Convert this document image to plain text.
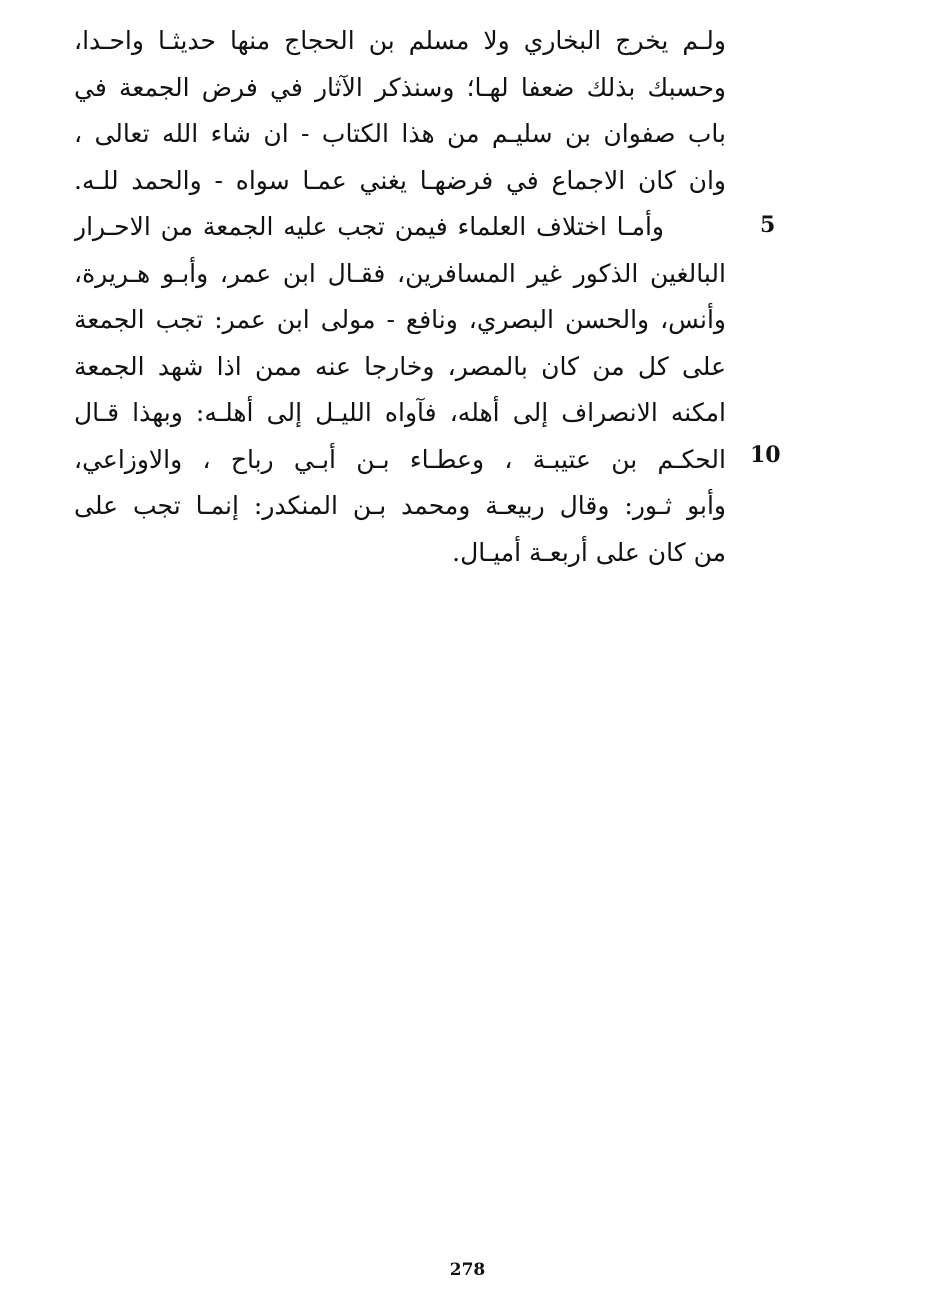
ولـم يخرج البخاري ولا مسلم بن الحجاج منها حديثـا واحـدا،
وحسبك بذلك ضعفا لهـا؛ وسنذكر الآثار في فرض الجمعة في
باب صفوان بن سليـم من هذا الكتاب - ان شاء الله تعالى ،
وان كان الاجماع في فرضهـا يغني عمـا سواه - والحمد للـه.
وأمـا اختلاف العلماء فيمن تجب عليه الجمعة من الاحـرار
البالغين الذكور غير المسافرين، فقـال ابن عمر، وأبـو هـريرة،
وأنس، والحسن البصري، ونافع - مولى ابن عمر: تجب الجمعة
على كل من كان بالمصر، وخارجا عنه ممن اذا شهد الجمعة
امكنه الانصراف إلى أهله، فآواه الليـل إلى أهلـه: وبهذا قـال
الحكـم بن عتيبـة ، وعطـاء بـن أبـي رباح ، والاوزاعي،
وأبو ثـور: وقال ربيعـة ومحمد بـن المنكدر: إنمـا تجب على
من كان على أربعـة أميـال.
5
10
278
